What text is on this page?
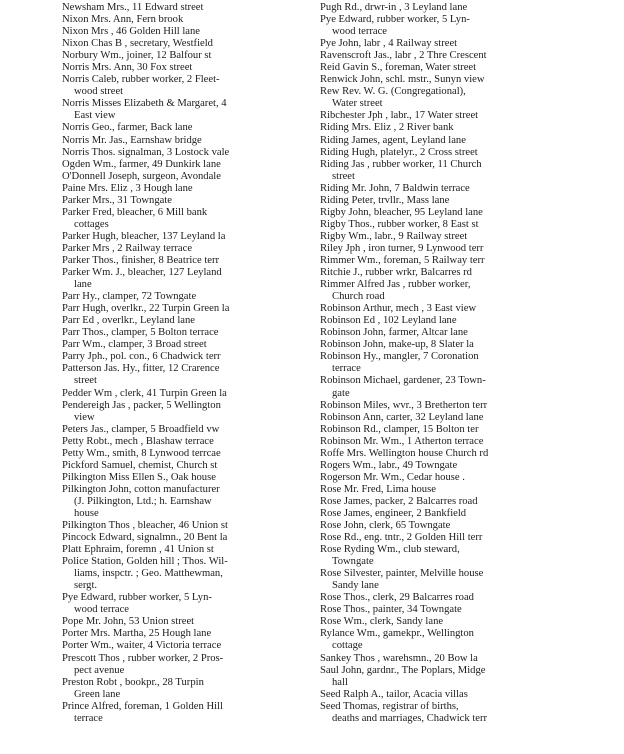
Newsham Mrs., 11 Edward street
Nixon Mrs. Ann, Fern brook
Nixon Mrs , 46 Golden Hill lane
Nixon Chas B , secretary, Westfield
Norbury Wm., joiner, 12 Balfour st
Norris Mrs. Ann, 30 Fox street
Norris Caleb, rubber worker, 2 Fleet-
wood street
Norris Misses Elizabeth & Margaret, 4
East view
Norris Geo., farmer, Back lane
Norris Mr. Jas., Earnshaw bridge
Norris Thos. signalman, 3 Lostock vale
Ogden Wm., farmer, 49 Dunkirk lane
O'Donnell Joseph, surgeon, Avondale
Paine Mrs. Eliz , 3 Hough lane
Parker Mrs., 31 Towngate
Parker Fred, bleacher, 6 Mill bank
cottages
Parker Hugh, bleacher, 137 Leyland la
Parker Mrs , 2 Railway terrace
Parker Thos., finisher, 8 Beatrice terr
Parker Wm. J., bleacher, 127 Leyland
lane
Parr Hy., clamper, 72 Towngate
Parr Hugh, overlkr., 22 Turpin Green la
Parr Ed , overlkr., Leyland lane
Parr Thos., clamper, 5 Bolton terrace
Parr Wm., clamper, 3 Broad street
Parry Jph., pol. con., 6 Chadwick terr
Patterson Jas. Hy., fitter, 12 Crarence
street
Pedder Wm , clerk, 41 Turpin Green la
Pendereigh Jas , packer, 5 Wellington
view
Peters Jas., clamper, 5 Broadfield vw
Petty Robt., mech , Blashaw terrace
Petty Wm., smith, 8 Lynwood terrcae
Pickford Samuel, chemist, Church st
Pilkington Miss Ellen S., Oak house
Pilkington John, cotton manufacturer
(J. Pilkington, Ltd.; h. Earnshaw
house
Pilkington Thos , bleacher, 46 Union st
Pincock Edward, signalmn., 20 Bent la
Platt Ephraim, foremn , 41 Union st
Police Station, Golden hill ; Thos. Wil-
liams, inspctr. ; Geo. Matthewman,
sergt.
Pye Edward, rubber worker, 5 Lyn-
wood terrace
Pope Mr. John, 53 Union street
Porter Mrs. Martha, 25 Hough lane
Porter Wm., waiter, 4 Victoria terrace
Prescott Thos , rubber worker, 2 Pros-
pect avenue
Preston Robt , bookpr., 28 Turpin
Green lane
Prince Alfred, foreman, 1 Golden Hill
terrace
Pugh Rd., drwr-in , 3 Leyland lane
Pye Edward, rubber worker, 5 Lyn-
wood terrace
Pye John, labr , 4 Railway street
Ravenscroft Jas., labr , 2 Thre Crescent
Reid Gavin S., foreman, Water street
Renwick John, schl. mstr., Sunyn view
Rew Rev. W. G. (Congregational),
Water street
Ribchester Jph , labr., 17 Water street
Riding Mrs. Eliz , 2 River bank
Riding James, agent, Leyland lane
Riding Hugh, platelyr., 2 Cross street
Riding Jas , rubber worker, 11 Church
street
Riding Mr. John, 7 Baldwin terrace
Riding Peter, trvllr., Mass lane
Rigby John, bleacher, 95 Leyland lane
Rigby Thos., rubber worker, 8 East st
Rigby Wm., labr., 9 Railway street
Riley Jph , iron turner, 9 Lynwood terr
Rimmer Wm., foreman, 5 Railway terr
Ritchie J., rubber wrkr, Balcarres rd
Rimmer Alfred Jas , rubber worker,
Church road
Robinson Arthur, mech , 3 East view
Robinson Ed , 102 Leyland lane
Robinson John, farmer, Altcar lane
Robinson John, make-up, 8 Slater la
Robinson Hy., mangler, 7 Coronation
terrace
Robinson Michael, gardener, 23 Town-
gate
Robinson Miles, wvr., 3 Bretherton terr
Robinson Ann, carter, 32 Leyland lane
Robinson Rd., clamper, 15 Bolton ter
Robinson Mr. Wm., 1 Atherton terrace
Roffe Mrs. Wellington house Church rd
Rogers Wm., labr., 49 Towngate
Rogerson Mr. Wm., Cedar house .
Rose Mr. Fred, Lima house
Rose James, packer, 2 Balcarres road
Rose James, engineer, 2 Bankfield
Rose John, clerk, 65 Towngate
Rose Rd., eng. tntr., 2 Golden Hill terr
Rose Ryding Wm., club steward,
Towngate
Rose Silvester, painter, Melville house
Sandy lane
Rose Thos., clerk, 29 Balcarres road
Rose Thos., painter, 34 Towngate
Rose Wm., clerk, Sandy lane
Rylance Wm., gamekpr., Wellington
cottage
Sankey Thos , warehsmn., 20 Bow la
Saul John, gardnr., The Poplars, Midge
hall
Seed Ralph A., tailor, Acacia villas
Seed Thomas, registrar of births,
deaths and marriages, Chadwick terr
